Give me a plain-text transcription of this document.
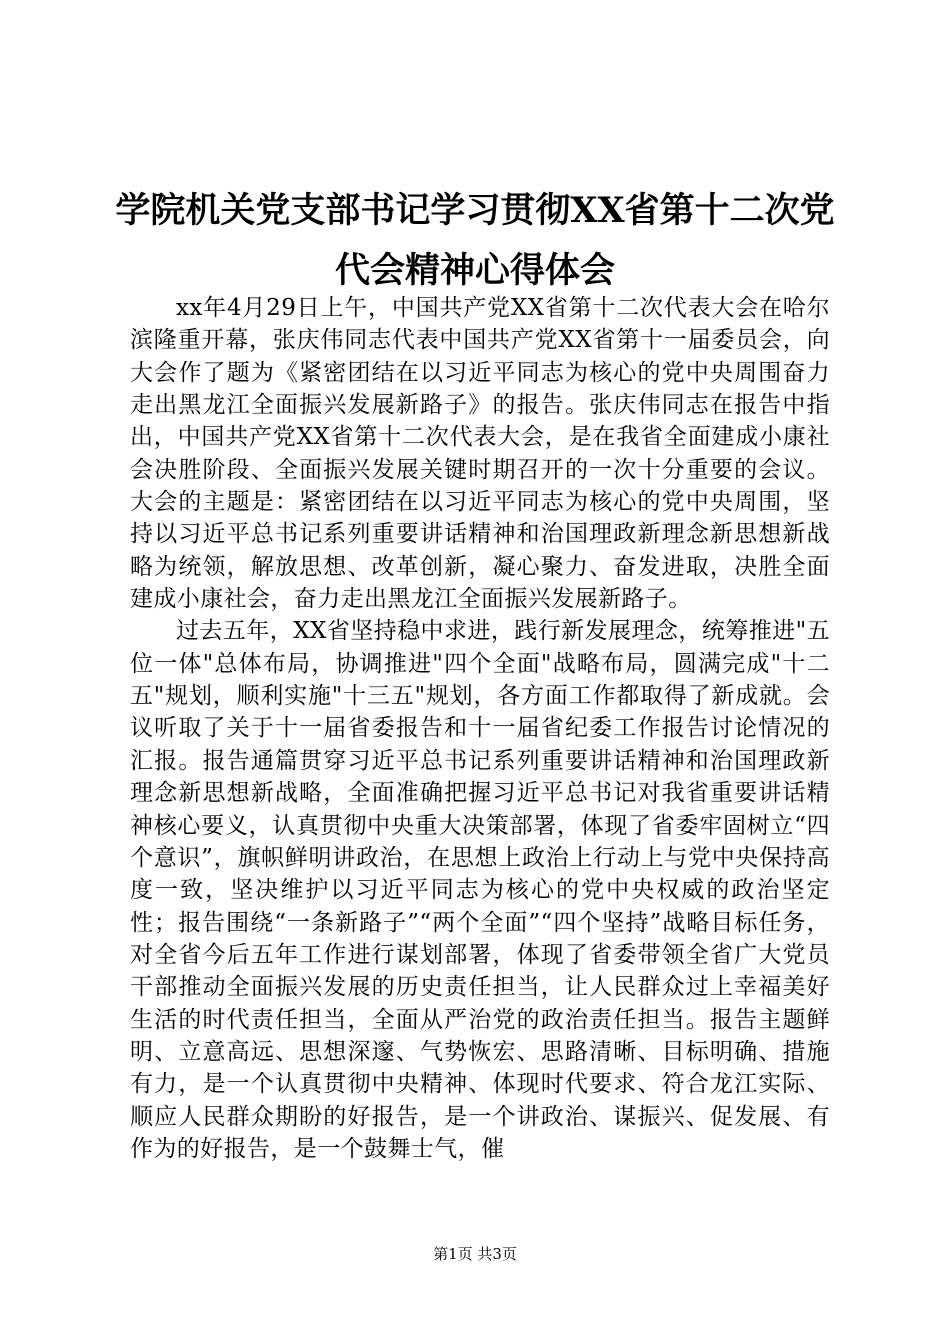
学院机关党支部书记学习贯彻XX省第十二次党代会精神心得体会

xx年4月29日上午，中国共产党XX省第十二次代表大会在哈尔滨隆重开幕，张庆伟同志代表中国共产党XX省第十一届委员会，向大会作了题为《紧密团结在以习近平同志为核心的党中央周围奋力走出黑龙江全面振兴发展新路子》的报告。张庆伟同志在报告中指出，中国共产党XX省第十二次代表大会，是在我省全面建成小康社会决胜阶段、全面振兴发展关键时期召开的一次十分重要的会议。大会的主题是：紧密团结在以习近平同志为核心的党中央周围，坚持以习近平总书记系列重要讲话精神和治国理政新理念新思想新战略为统领，解放思想、改革创新，凝心聚力、奋发进取，决胜全面建成小康社会，奋力走出黑龙江全面振兴发展新路子。

过去五年，XX省坚持稳中求进，践行新发展理念，统筹推进"五位一体"总体布局，协调推进"四个全面"战略布局，圆满完成"十二五"规划，顺利实施"十三五"规划，各方面工作都取得了新成就。会议听取了关于十一届省委报告和十一届省纪委工作报告讨论情况的汇报。报告通篇贯穿习近平总书记系列重要讲话精神和治国理政新理念新思想新战略，全面准确把握习近平总书记对我省重要讲话精神核心要义，认真贯彻中央重大决策部署，体现了省委牢固树立“四个意识”，旗帜鲜明讲政治，在思想上政治上行动上与党中央保持高度一致，坚决维护以习近平同志为核心的党中央权威的政治坚定性；报告围绕“一条新路子”“两个全面”“四个坚持”战略目标任务，对全省今后五年工作进行谋划部署，体现了省委带领全省广大党员干部推动全面振兴发展的历史责任担当，让人民群众过上幸福美好生活的时代责任担当，全面从严治党的政治责任担当。报告主题鲜明、立意高远、思想深邃、气势恢宏、思路清晰、目标明确、措施有力，是一个认真贯彻中央精神、体现时代要求、符合龙江实际、顺应人民群众期盼的好报告，是一个讲政治、谋振兴、促发展、有作为的好报告，是一个鼓舞士气，催

第1页 共3页
